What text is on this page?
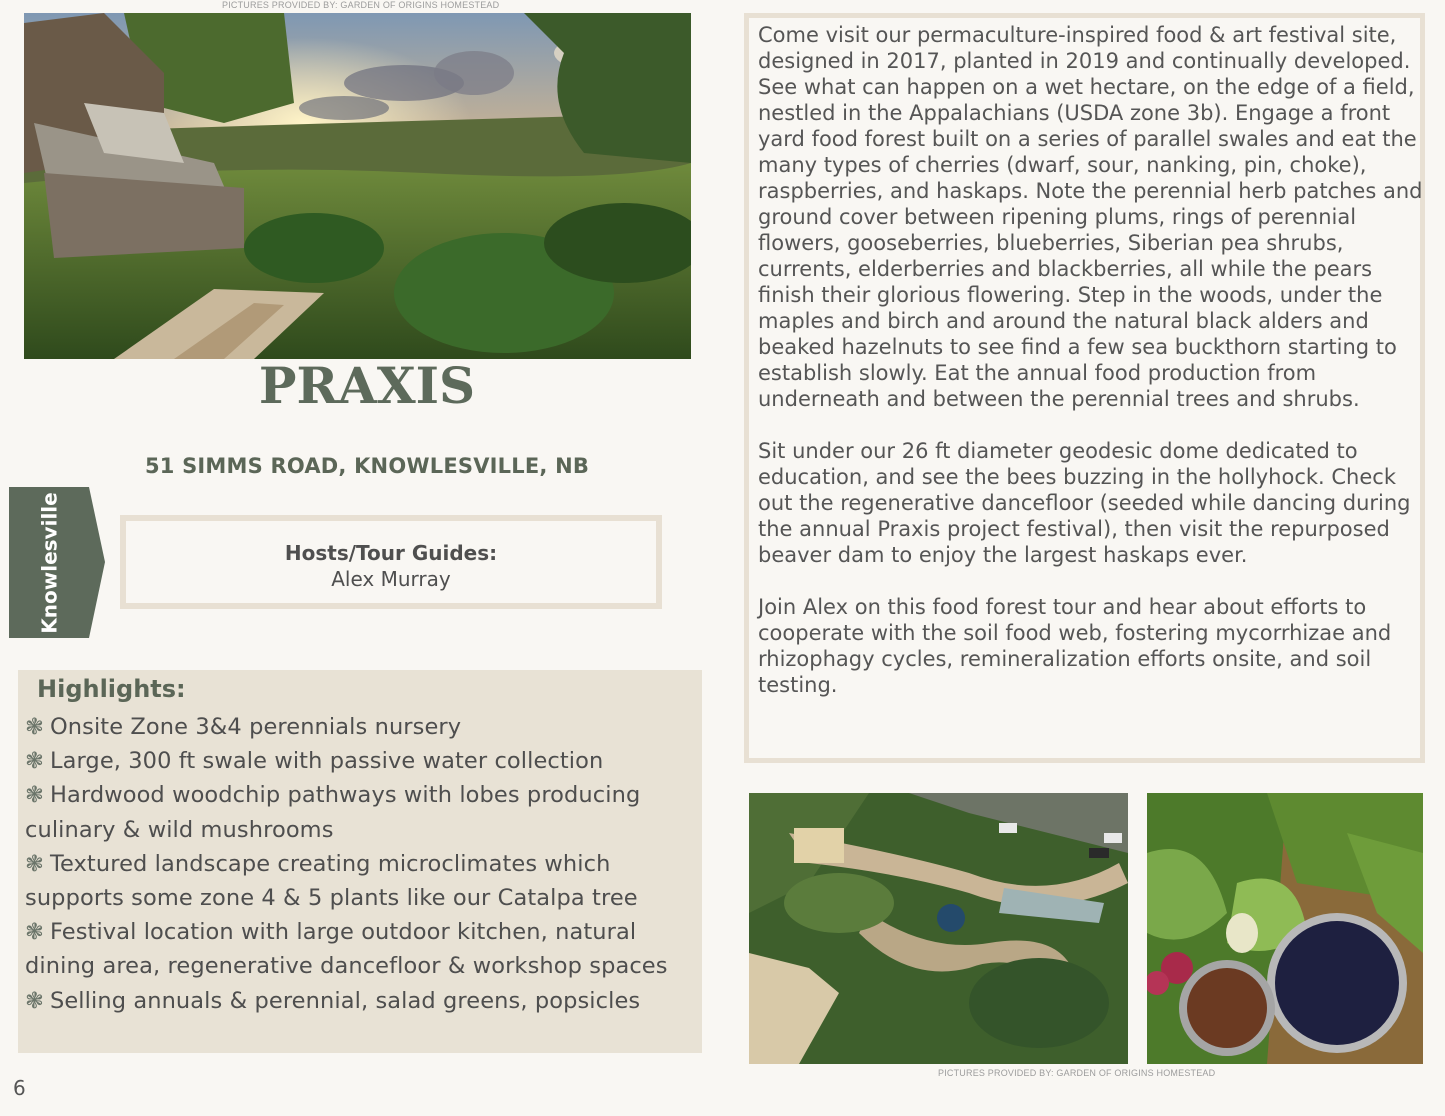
PICTURES PROVIDED BY: GARDEN OF ORIGINS HOMESTEAD
PRAXIS
51 SIMMS ROAD, KNOWLESVILLE, NB
Knowlesville	Hosts/Tour Guides:
Alex Murray
Highlights:
❃ Onsite Zone 3&4 perennials nursery
❃ Large, 300 ft swale with passive water collection
❃ Hardwood woodchip pathways with lobes producing culinary & wild mushrooms
❃ Textured landscape creating microclimates which supports some zone 4 & 5 plants like our Catalpa tree
❃ Festival location with large outdoor kitchen, natural dining area, regenerative dancefloor & workshop spaces
❃ Selling annuals & perennial, salad greens, popsicles

Come visit our permaculture-inspired food & art festival site, designed in 2017, planted in 2019 and continually developed. See what can happen on a wet hectare, on the edge of a field, nestled in the Appalachians (USDA zone 3b). Engage a front yard food forest built on a series of parallel swales and eat the many types of cherries (dwarf, sour, nanking, pin, choke), raspberries, and haskaps. Note the perennial herb patches and ground cover between ripening plums, rings of perennial flowers, gooseberries, blueberries, Siberian pea shrubs, currents, elderberries and blackberries, all while the pears finish their glorious flowering. Step in the woods, under the maples and birch and around the natural black alders and beaked hazelnuts to see find a few sea buckthorn starting to establish slowly. Eat the annual food production from underneath and between the perennial trees and shrubs.

Sit under our 26 ft diameter geodesic dome dedicated to education, and see the bees buzzing in the hollyhock. Check out the regenerative dancefloor (seeded while dancing during the annual Praxis project festival), then visit the repurposed beaver dam to enjoy the largest haskaps ever.

Join Alex on this food forest tour and hear about efforts to cooperate with the soil food web, fostering mycorrhizae and rhizophagy cycles, remineralization efforts onsite, and soil testing.

PICTURES PROVIDED BY: GARDEN OF ORIGINS HOMESTEAD
6
